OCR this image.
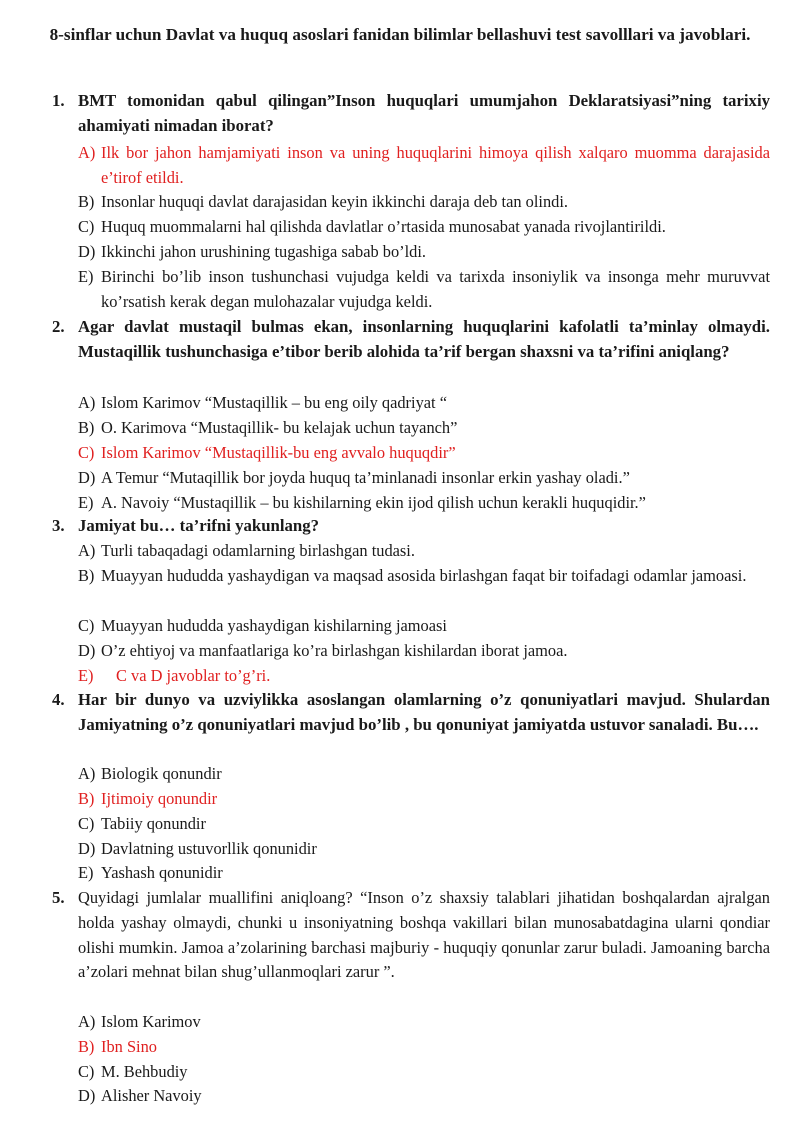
8-sinflar uchun Davlat va huquq asoslari fanidan bilimlar bellashuvi test savolllari va javoblari.
1. BMT tomonidan qabul qilingan”Inson huquqlari umumjahon Deklaratsiyasi”ning tarixiy ahamiyati nimadan iborat?
A) Ilk bor jahon hamjamiyati inson va uning huquqlarini himoya qilish xalqaro muomma darajasida e’tirof etildi.
B) Insonlar huquqi davlat darajasidan keyin ikkinchi daraja deb tan olindi.
C) Huquq muommalarni hal qilishda davlatlar o’rtasida munosabat yanada rivojlantirildi.
D) Ikkinchi jahon urushining tugashiga sabab bo’ldi.
E) Birinchi bo’lib inson tushunchasi vujudga keldi va tarixda insoniylik va insonga mehr muruvvat ko’rsatish kerak degan mulohazalar vujudga keldi.
2. Agar davlat mustaqil bulmas ekan, insonlarning huquqlarini kafolatli ta’minlay olmaydi. Mustaqillik tushunchasiga e’tibor berib alohida ta’rif bergan shaxsni va ta’rifini aniqlang?
A) Islom Karimov “Mustaqillik – bu eng oily qadriyat “
B) O. Karimova “Mustaqillik- bu kelajak uchun tayanch”
C) Islom Karimov “Mustaqillik-bu eng avvalo huquqdir”
D) A Temur “Mutaqillik bor joyda huquq ta’minlanadi insonlar erkin yashay oladi.”
E) A. Navoiy “Mustaqillik – bu kishilarning ekin ijod qilish uchun kerakli huquqidir.”
3. Jamiyat bu… ta’rifni yakunlang?
A) Turli tabaqadagi odamlarning birlashgan tudasi.
B) Muayyan hududda yashaydigan va maqsad asosida birlashgan faqat bir toifadagi odamlar jamoasi.
C) Muayyan hududda yashaydigan kishilarning jamoasi
D) O’z ehtiyoj va manfaatlariga ko’ra birlashgan kishilardan iborat jamoa.
E) C va D javoblar to’g’ri.
4. Har bir dunyo va uzviylikka asoslangan olamlarning o’z qonuniyatlari mavjud. Shulardan Jamiyatning o’z qonuniyatlari mavjud bo’lib , bu qonuniyat jamiyatda ustuvor sanaladi. Bu….
A) Biologik qonundir
B) Ijtimoiy qonundir
C) Tabiiy qonundir
D) Davlatning ustuvorllik qonunidir
E) Yashash qonunidir
5. Quyidagi jumlalar muallifini aniqloang? “Inson o’z shaxsiy talablari jihatidan boshqalardan ajralgan holda yashay olmaydi, chunki u insoniyatning boshqa vakillari bilan munosabatdagina ularni qondiar olishi mumkin. Jamoa a’zolarining barchasi majburiy - huquqiy qonunlar zarur buladi. Jamoaning barcha a’zolari mehnat bilan shug’ullanmoqlari zarur ”.
A) Islom Karimov
B) Ibn Sino
C) M. Behbudiy
D) Alisher Navoiy
